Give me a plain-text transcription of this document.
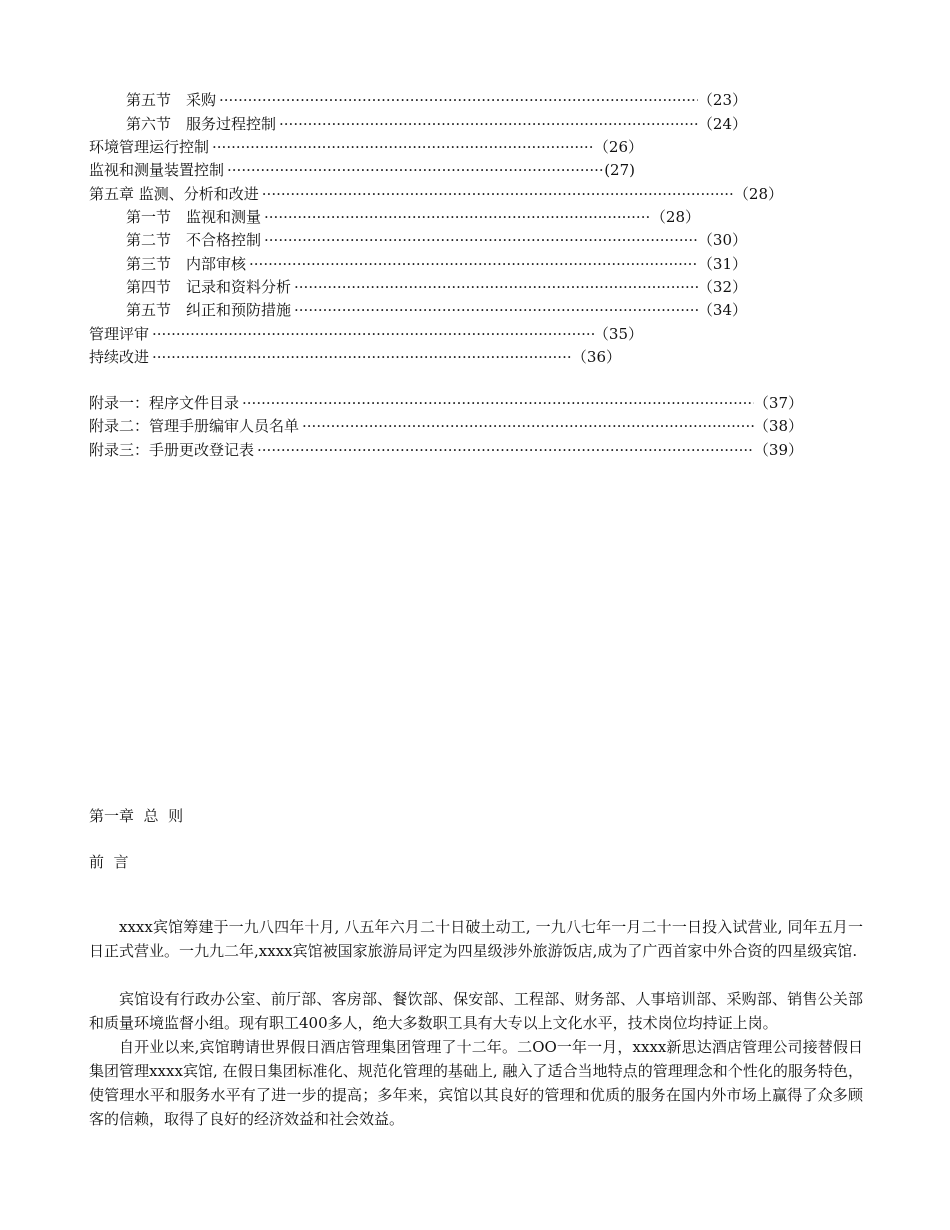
第五节　采购 ·····	（23）
第六节　服务过程控制 ·····	（24）
环境管理运行控制 ·····	（26）
监视和测量装置控制 ·····	(27)
第五章 监测、分析和改进 ·····	（28）
第一节　监视和测量 ·····	（28）
第二节　不合格控制 ·····	（30）
第三节　内部审核 ·····	（31）
第四节　记录和资料分析 ·····	（32）
第五节　纠正和预防措施 ·····	（34）
管理评审 ·····	（35）
持续改进 ·····	（36）
附录一：程序文件目录 ·····	（37）
附录二：管理手册编审人员名单 ·····	（38）
附录三：手册更改登记表 ·····	（39）
第一章  总  则
前  言
xxxx宾馆筹建于一九八四年十月, 八五年六月二十日破土动工, 一九八七年一月二十一日投入试营业, 同年五月一日正式营业。一九九二年,xxxx宾馆被国家旅游局评定为四星级涉外旅游饭店,成为了广西首家中外合资的四星级宾馆.
宾馆设有行政办公室、前厅部、客房部、餐饮部、保安部、工程部、财务部、人事培训部、采购部、销售公关部和质量环境监督小组。现有职工400多人，绝大多数职工具有大专以上文化水平，技术岗位均持证上岗。
自开业以来,宾馆聘请世界假日酒店管理集团管理了十二年。二OO一年一月，xxxx新思达酒店管理公司接替假日集团管理xxxx宾馆, 在假日集团标准化、规范化管理的基础上, 融入了适合当地特点的管理理念和个性化的服务特色，使管理水平和服务水平有了进一步的提高；多年来，宾馆以其良好的管理和优质的服务在国内外市场上赢得了众多顾客的信赖，取得了良好的经济效益和社会效益。
